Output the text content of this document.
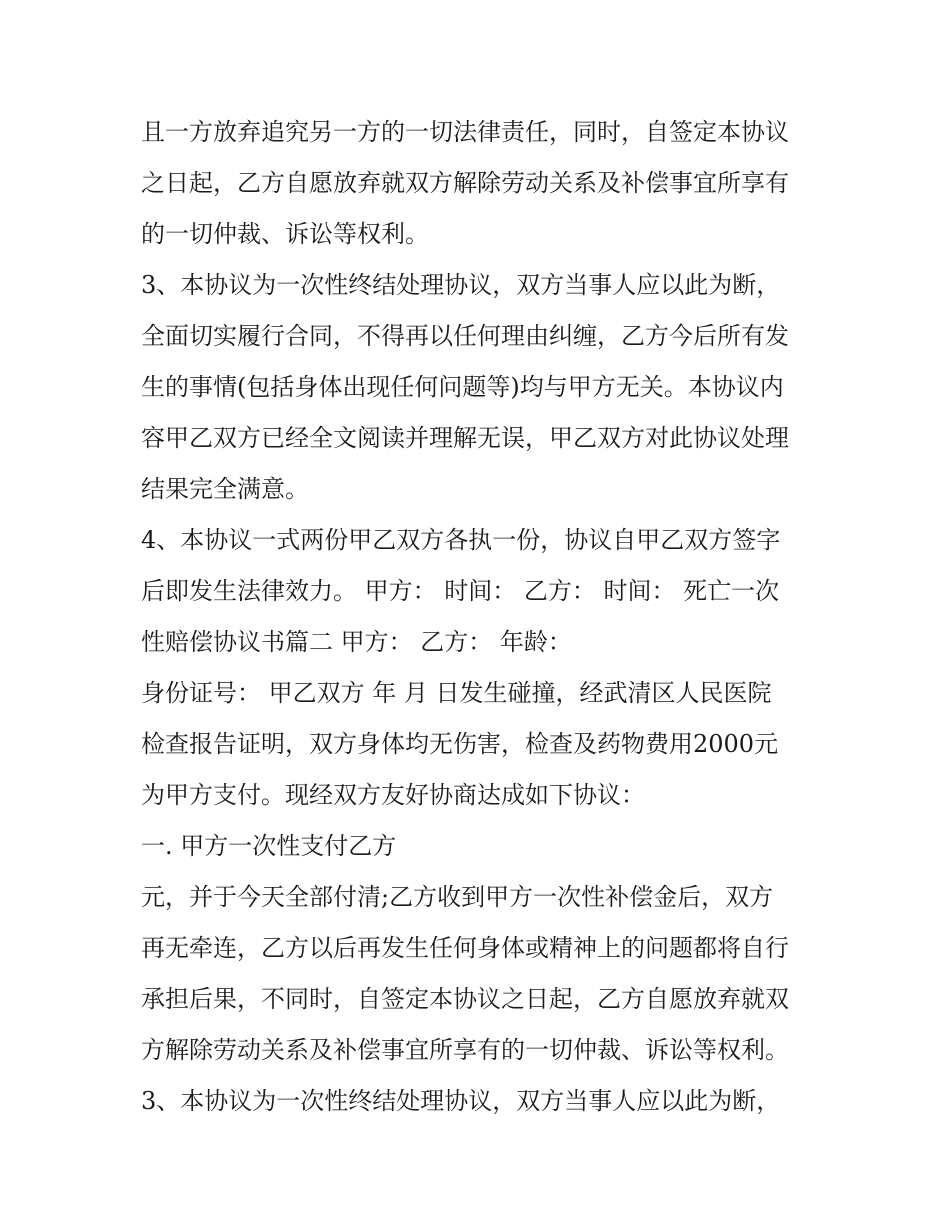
且一方放弃追究另一方的一切法律责任，同时，自签定本协议
之日起，乙方自愿放弃就双方解除劳动关系及补偿事宜所享有
的一切仲裁、诉讼等权利。
3、本协议为一次性终结处理协议，双方当事人应以此为断，
全面切实履行合同，不得再以任何理由纠缠，乙方今后所有发
生的事情(包括身体出现任何问题等)均与甲方无关。本协议内
容甲乙双方已经全文阅读并理解无误，甲乙双方对此协议处理
结果完全满意。
4、本协议一式两份甲乙双方各执一份，协议自甲乙双方签字
后即发生法律效力。 甲方： 时间： 乙方： 时间： 死亡一次
性赔偿协议书篇二 甲方： 乙方： 年龄：
身份证号： 甲乙双方 年 月 日发生碰撞，经武清区人民医院
检查报告证明，双方身体均无伤害，检查及药物费用2000元
为甲方支付。现经双方友好协商达成如下协议：
一. 甲方一次性支付乙方
元，并于今天全部付清;乙方收到甲方一次性补偿金后，双方
再无牵连，乙方以后再发生任何身体或精神上的问题都将自行
承担后果，不同时，自签定本协议之日起，乙方自愿放弃就双
方解除劳动关系及补偿事宜所享有的一切仲裁、诉讼等权利。
3、本协议为一次性终结处理协议，双方当事人应以此为断，
